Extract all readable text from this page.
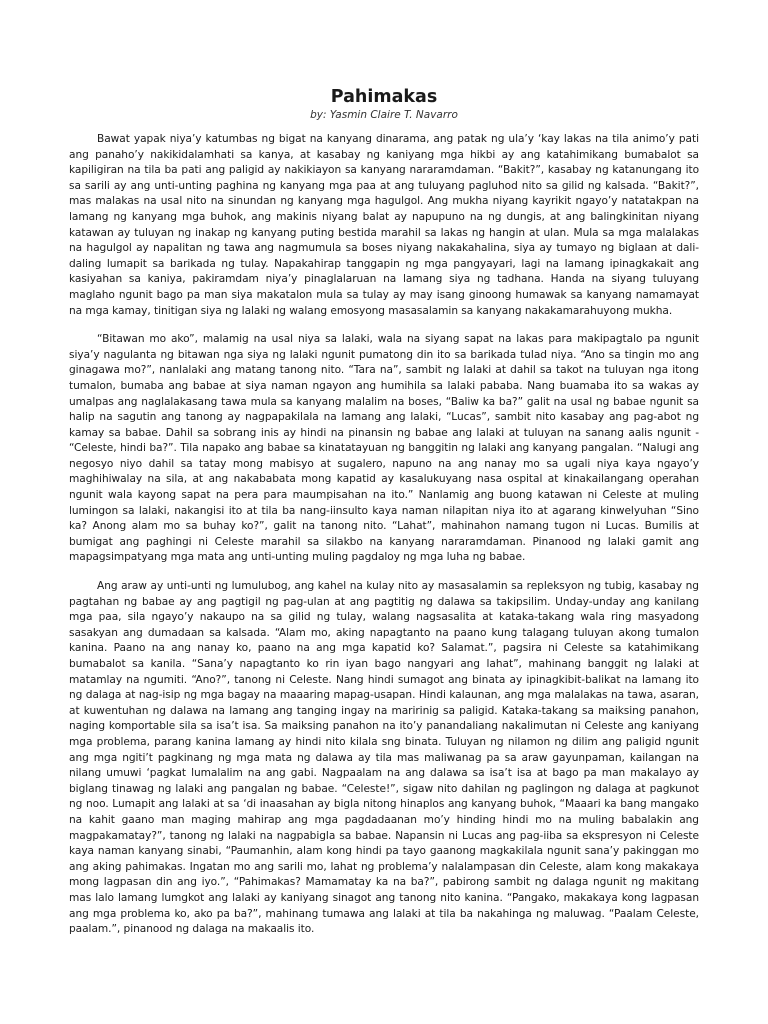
Pahimakas

by: Yasmin Claire T. Navarro

Bawat yapak niya’y katumbas ng bigat na kanyang dinarama, ang patak ng ula’y ‘kay lakas na tila animo’y pati ang panaho’y nakikidalamhati sa kanya, at kasabay ng kaniyang mga hikbi ay ang katahimikang bumabalot sa kapiligiran na tila ba pati ang paligid ay nakikiayon sa kanyang nararamdaman. “Bakit?”, kasabay ng katanungang ito sa sarili ay ang unti-unting paghina ng kanyang mga paa at ang tuluyang pagluhod nito sa gilid ng kalsada. “Bakit?”, mas malakas na usal nito na sinundan ng kanyang mga hagulgol. Ang mukha niyang kayrikit ngayo’y natatakpan na lamang ng kanyang mga buhok, ang makinis niyang balat ay napupuno na ng dungis, at ang balingkinitan niyang katawan ay tuluyan ng inakap ng kanyang puting bestida marahil sa lakas ng hangin at ulan. Mula sa mga malalakas na hagulgol ay napalitan ng tawa ang nagmumula sa boses niyang nakakahalina, siya ay tumayo ng biglaan at dali-daling lumapit sa barikada ng tulay. Napakahirap tanggapin ng mga pangyayari, lagi na lamang ipinagkakait ang kasiyahan sa kaniya, pakiramdam niya’y pinaglalaruan na lamang siya ng tadhana. Handa na siyang tuluyang maglaho ngunit bago pa man siya makatalon mula sa tulay ay may isang ginoong humawak sa kanyang namamayat na mga kamay, tinitigan siya ng lalaki ng walang emosyong masasalamin sa kanyang nakakamarahuyong mukha.

“Bitawan mo ako”, malamig na usal niya sa lalaki, wala na siyang sapat na lakas para makipagtalo pa ngunit siya’y nagulanta ng bitawan nga siya ng lalaki ngunit pumatong din ito sa barikada tulad niya. “Ano sa tingin mo ang ginagawa mo?”, nanlalaki ang matang tanong nito. “Tara na”, sambit ng lalaki at dahil sa takot na tuluyan nga itong tumalon, bumaba ang babae at siya naman ngayon ang humihila sa lalaki pababa. Nang buamaba ito sa wakas ay umalpas ang naglalakasang tawa mula sa kanyang malalim na boses, “Baliw ka ba?” galit na usal ng babae ngunit sa halip na sagutin ang tanong ay nagpapakilala na lamang ang lalaki, “Lucas”, sambit nito kasabay ang pag-abot ng kamay sa babae. Dahil sa sobrang inis ay hindi na pinansin ng babae ang lalaki at tuluyan na sanang aalis ngunit - “Celeste, hindi ba?”. Tila napako ang babae sa kinatatayuan ng banggitin ng lalaki ang kanyang pangalan. “Nalugi ang negosyo niyo dahil sa tatay mong mabisyo at sugalero, napuno na ang nanay mo sa ugali niya kaya ngayo’y maghihiwalay na sila, at ang nakababata mong kapatid ay kasalukuyang nasa ospital at kinakailangang operahan ngunit wala kayong sapat na pera para maumpisahan na ito.” Nanlamig ang buong katawan ni Celeste at muling lumingon sa lalaki, nakangisi ito at tila ba nang-iinsulto kaya naman nilapitan niya ito at agarang kinwelyuhan “Sino ka? Anong alam mo sa buhay ko?”, galit na tanong nito. “Lahat”, mahinahon namang tugon ni Lucas. Bumilis at bumigat ang paghingi ni Celeste marahil sa silakbo na kanyang nararamdaman. Pinanood ng lalaki gamit ang mapagsimpatyang mga mata ang unti-unting muling pagdaloy ng mga luha ng babae.

Ang araw ay unti-unti ng lumulubog, ang kahel na kulay nito ay masasalamin sa repleksyon ng tubig, kasabay ng pagtahan ng babae ay ang pagtigil ng pag-ulan at ang pagtitig ng dalawa sa takipsilim. Unday-unday ang kanilang mga paa, sila ngayo’y nakaupo na sa gilid ng tulay, walang nagsasalita at kataka-takang wala ring masyadong sasakyan ang dumadaan sa kalsada. “Alam mo, aking napagtanto na paano kung talagang tuluyan akong tumalon kanina. Paano na ang nanay ko, paano na ang mga kapatid ko? Salamat.”, pagsira ni Celeste sa katahimikang bumabalot sa kanila. “Sana’y napagtanto ko rin iyan bago nangyari ang lahat”, mahinang banggit ng lalaki at matamlay na ngumiti. “Ano?”, tanong ni Celeste. Nang hindi sumagot ang binata ay ipinagkibit-balikat na lamang ito ng dalaga at nag-isip ng mga bagay na maaaring mapag-usapan. Hindi kalaunan, ang mga malalakas na tawa, asaran, at kuwentuhan ng dalawa na lamang ang tanging ingay na maririnig sa paligid. Kataka-takang sa maiksing panahon, naging komportable sila sa isa’t isa. Sa maiksing panahon na ito’y panandaliang nakalimutan ni Celeste ang kaniyang mga problema, parang kanina lamang ay hindi nito kilala sng binata. Tuluyan ng nilamon ng dilim ang paligid ngunit ang mga ngiti’t pagkinang ng mga mata ng dalawa ay tila mas maliwanag pa sa araw gayunpaman, kailangan na nilang umuwi ‘pagkat lumalalim na ang gabi. Nagpaalam na ang dalawa sa isa’t isa at bago pa man makalayo ay biglang tinawag ng lalaki ang pangalan ng babae. “Celeste!”, sigaw nito dahilan ng paglingon ng dalaga at pagkunot ng noo. Lumapit ang lalaki at sa ‘di inaasahan ay bigla nitong hinaplos ang kanyang buhok, “Maaari ka bang mangako na kahit gaano man maging mahirap ang mga pagdadaanan mo’y hinding hindi mo na muling babalakin ang magpakamatay?”, tanong ng lalaki na nagpabigla sa babae. Napansin ni Lucas ang pag-iiba sa ekspresyon ni Celeste kaya naman kanyang sinabi, “Paumanhin, alam kong hindi pa tayo gaanong magkakilala ngunit sana’y pakinggan mo ang aking pahimakas. Ingatan mo ang sarili mo, lahat ng problema’y nalalampasan din Celeste, alam kong makakaya mong lagpasan din ang iyo.”, “Pahimakas? Mamamatay ka na ba?”, pabirong sambit ng dalaga ngunit ng makitang mas lalo lamang lumgkot ang lalaki ay kaniyang sinagot ang tanong nito kanina. “Pangako, makakaya kong lagpasan ang mga problema ko, ako pa ba?”, mahinang tumawa ang lalaki at tila ba nakahinga ng maluwag. “Paalam Celeste, paalam.”, pinanood ng dalaga na makaalis ito.
